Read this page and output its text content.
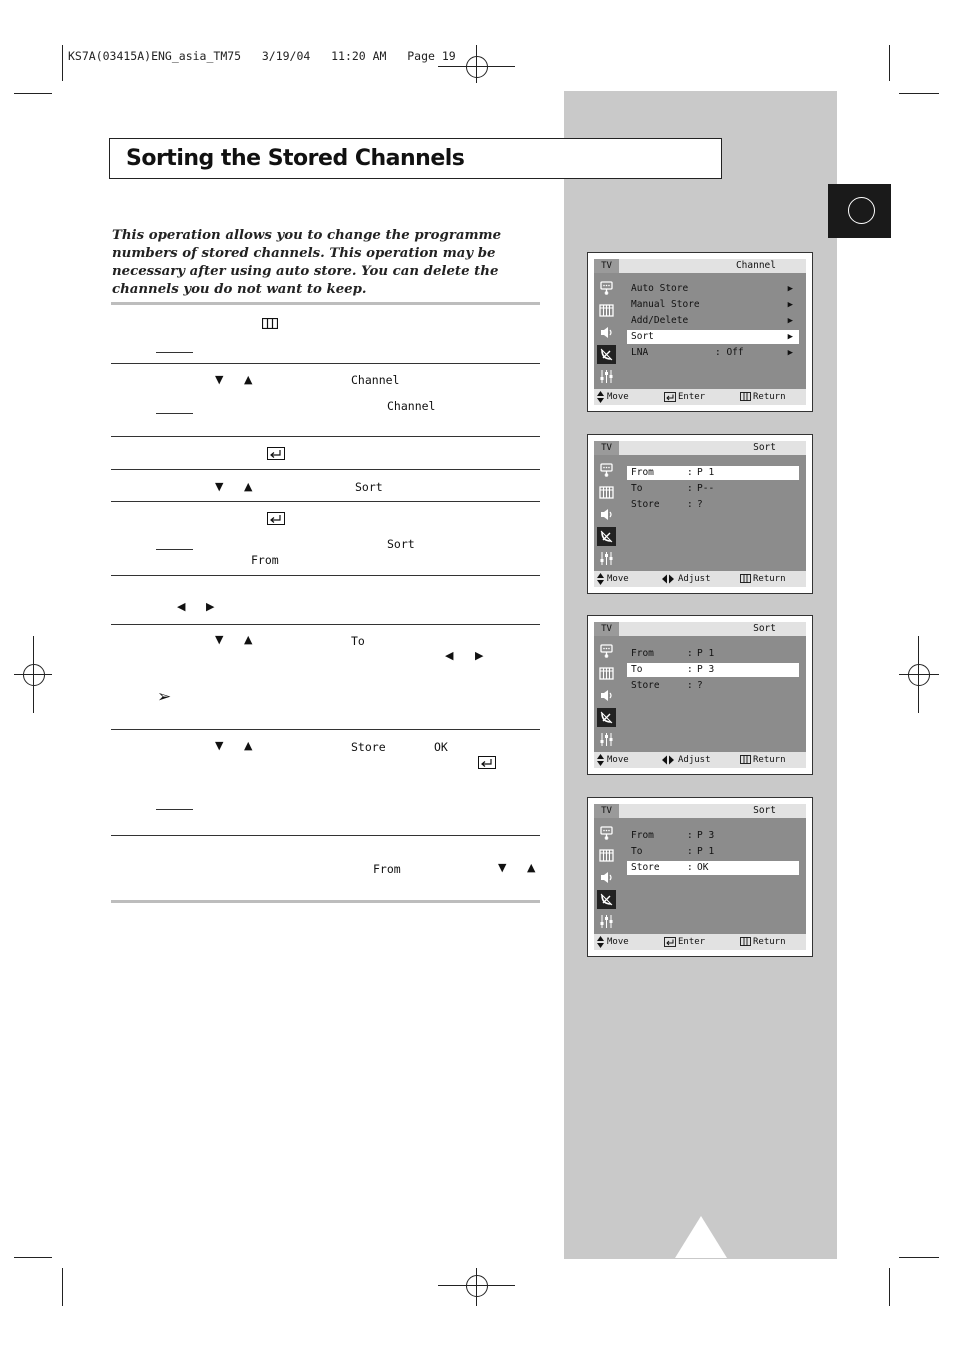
KS7A(03415A)ENG_asia_TM75   3/19/04   11:20 AM   Page 19
Sorting the Stored Channels
This operation allows you to change the programme numbers of stored channels. This operation may be necessary after using auto store. You can delete the channels you do not want to keep.
▼ ▲	Channel
Channel
▼ ▲	Sort
Sort
From
◀ ▶
▼ ▲	To
◀ ▶
➢
▼ ▲	Store	OK
From	▼ ▲
TV	Channel
Auto Store	▶
Manual Store	▶
Add/Delete	▶
Sort	▶
LNA	: Off	▶
Move	Enter	Return
TV	Sort
From	: P 1
To	: P--
Store	: ?
Move	Adjust	Return
TV	Sort
From	: P 1
To	: P 3
Store	: ?
Move	Adjust	Return
TV	Sort
From	: P 3
To	: P 1
Store	: OK
Move	Enter	Return
